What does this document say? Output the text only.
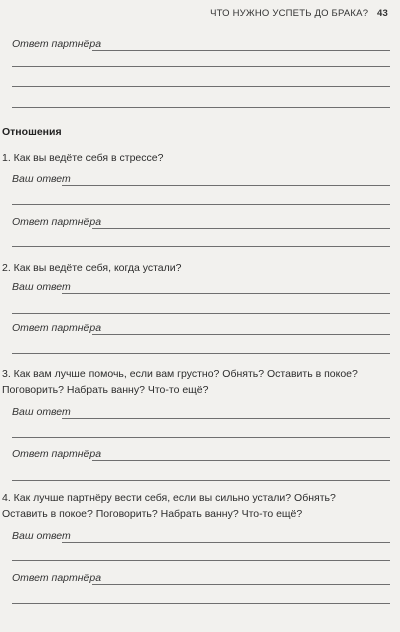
ЧТО НУЖНО УСПЕТЬ ДО БРАКА? 43
Ответ партнёра
Отношения
1. Как вы ведёте себя в стрессе?
Ваш ответ
Ответ партнёра
2. Как вы ведёте себя, когда устали?
Ваш ответ
Ответ партнёра
3. Как вам лучше помочь, если вам грустно? Обнять? Оставить в покое? Поговорить? Набрать ванну? Что-то ещё?
Ваш ответ
Ответ партнёра
4. Как лучше партнёру вести себя, если вы сильно устали? Обнять? Оставить в покое? Поговорить? Набрать ванну? Что-то ещё?
Ваш ответ
Ответ партнёра
